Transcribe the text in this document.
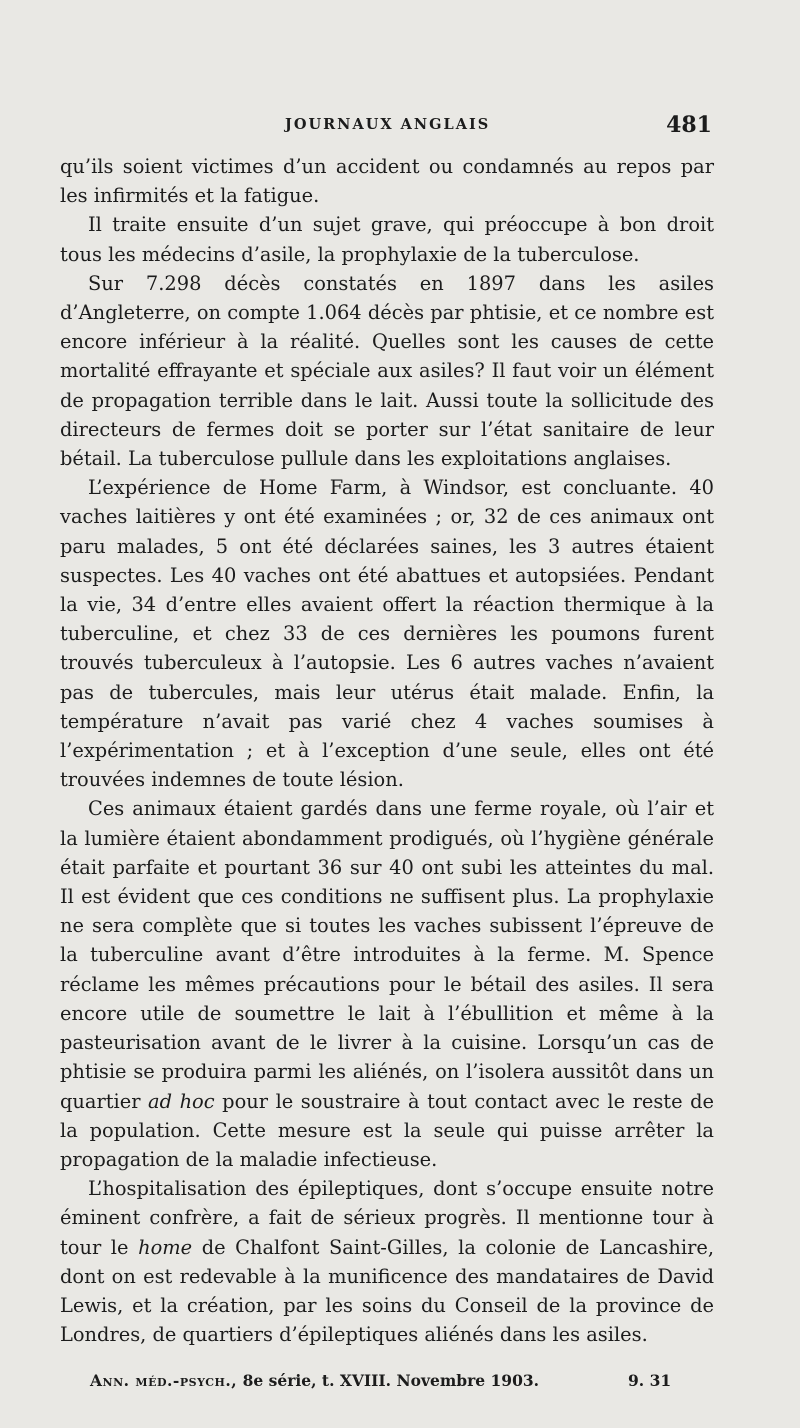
JOURNAUX ANGLAIS	481

qu’ils soient victimes d’un accident ou condamnés au repos par les infirmités et la fatigue.

Il traite ensuite d’un sujet grave, qui préoccupe à bon droit tous les médecins d’asile, la prophylaxie de la tuberculose.

Sur 7.298 décès constatés en 1897 dans les asiles d’Angleterre, on compte 1.064 décès par phtisie, et ce nombre est encore inférieur à la réalité. Quelles sont les causes de cette mortalité effrayante et spéciale aux asiles? Il faut voir un élément de propagation terrible dans le lait. Aussi toute la sollicitude des directeurs de fermes doit se porter sur l’état sanitaire de leur bétail. La tuberculose pullule dans les exploitations anglaises.

L’expérience de Home Farm, à Windsor, est concluante. 40 vaches laitières y ont été examinées ; or, 32 de ces animaux ont paru malades, 5 ont été déclarées saines, les 3 autres étaient suspectes. Les 40 vaches ont été abattues et autopsiées. Pendant la vie, 34 d’entre elles avaient offert la réaction thermique à la tuberculine, et chez 33 de ces dernières les poumons furent trouvés tuberculeux à l’autopsie. Les 6 autres vaches n’avaient pas de tubercules, mais leur utérus était malade. Enfin, la température n’avait pas varié chez 4 vaches soumises à l’expérimentation ; et à l’exception d’une seule, elles ont été trouvées indemnes de toute lésion.

Ces animaux étaient gardés dans une ferme royale, où l’air et la lumière étaient abondamment prodigués, où l’hygiène générale était parfaite et pourtant 36 sur 40 ont subi les atteintes du mal. Il est évident que ces conditions ne suffisent plus. La prophylaxie ne sera complète que si toutes les vaches subissent l’épreuve de la tuberculine avant d’être introduites à la ferme. M. Spence réclame les mêmes précautions pour le bétail des asiles. Il sera encore utile de soumettre le lait à l’ébullition et même à la pasteurisation avant de le livrer à la cuisine. Lorsqu’un cas de phtisie se produira parmi les aliénés, on l’isolera aussitôt dans un quartier ad hoc pour le soustraire à tout contact avec le reste de la population. Cette mesure est la seule qui puisse arrêter la propagation de la maladie infectieuse.

L’hospitalisation des épileptiques, dont s’occupe ensuite notre éminent confrère, a fait de sérieux progrès. Il mentionne tour à tour le home de Chalfont Saint-Gilles, la colonie de Lancashire, dont on est redevable à la munificence des mandataires de David Lewis, et la création, par les soins du Conseil de la province de Londres, de quartiers d’épileptiques aliénés dans les asiles.

Ann. méd.-psych., 8e série, t. XVIII. Novembre 1903.	9. 31
